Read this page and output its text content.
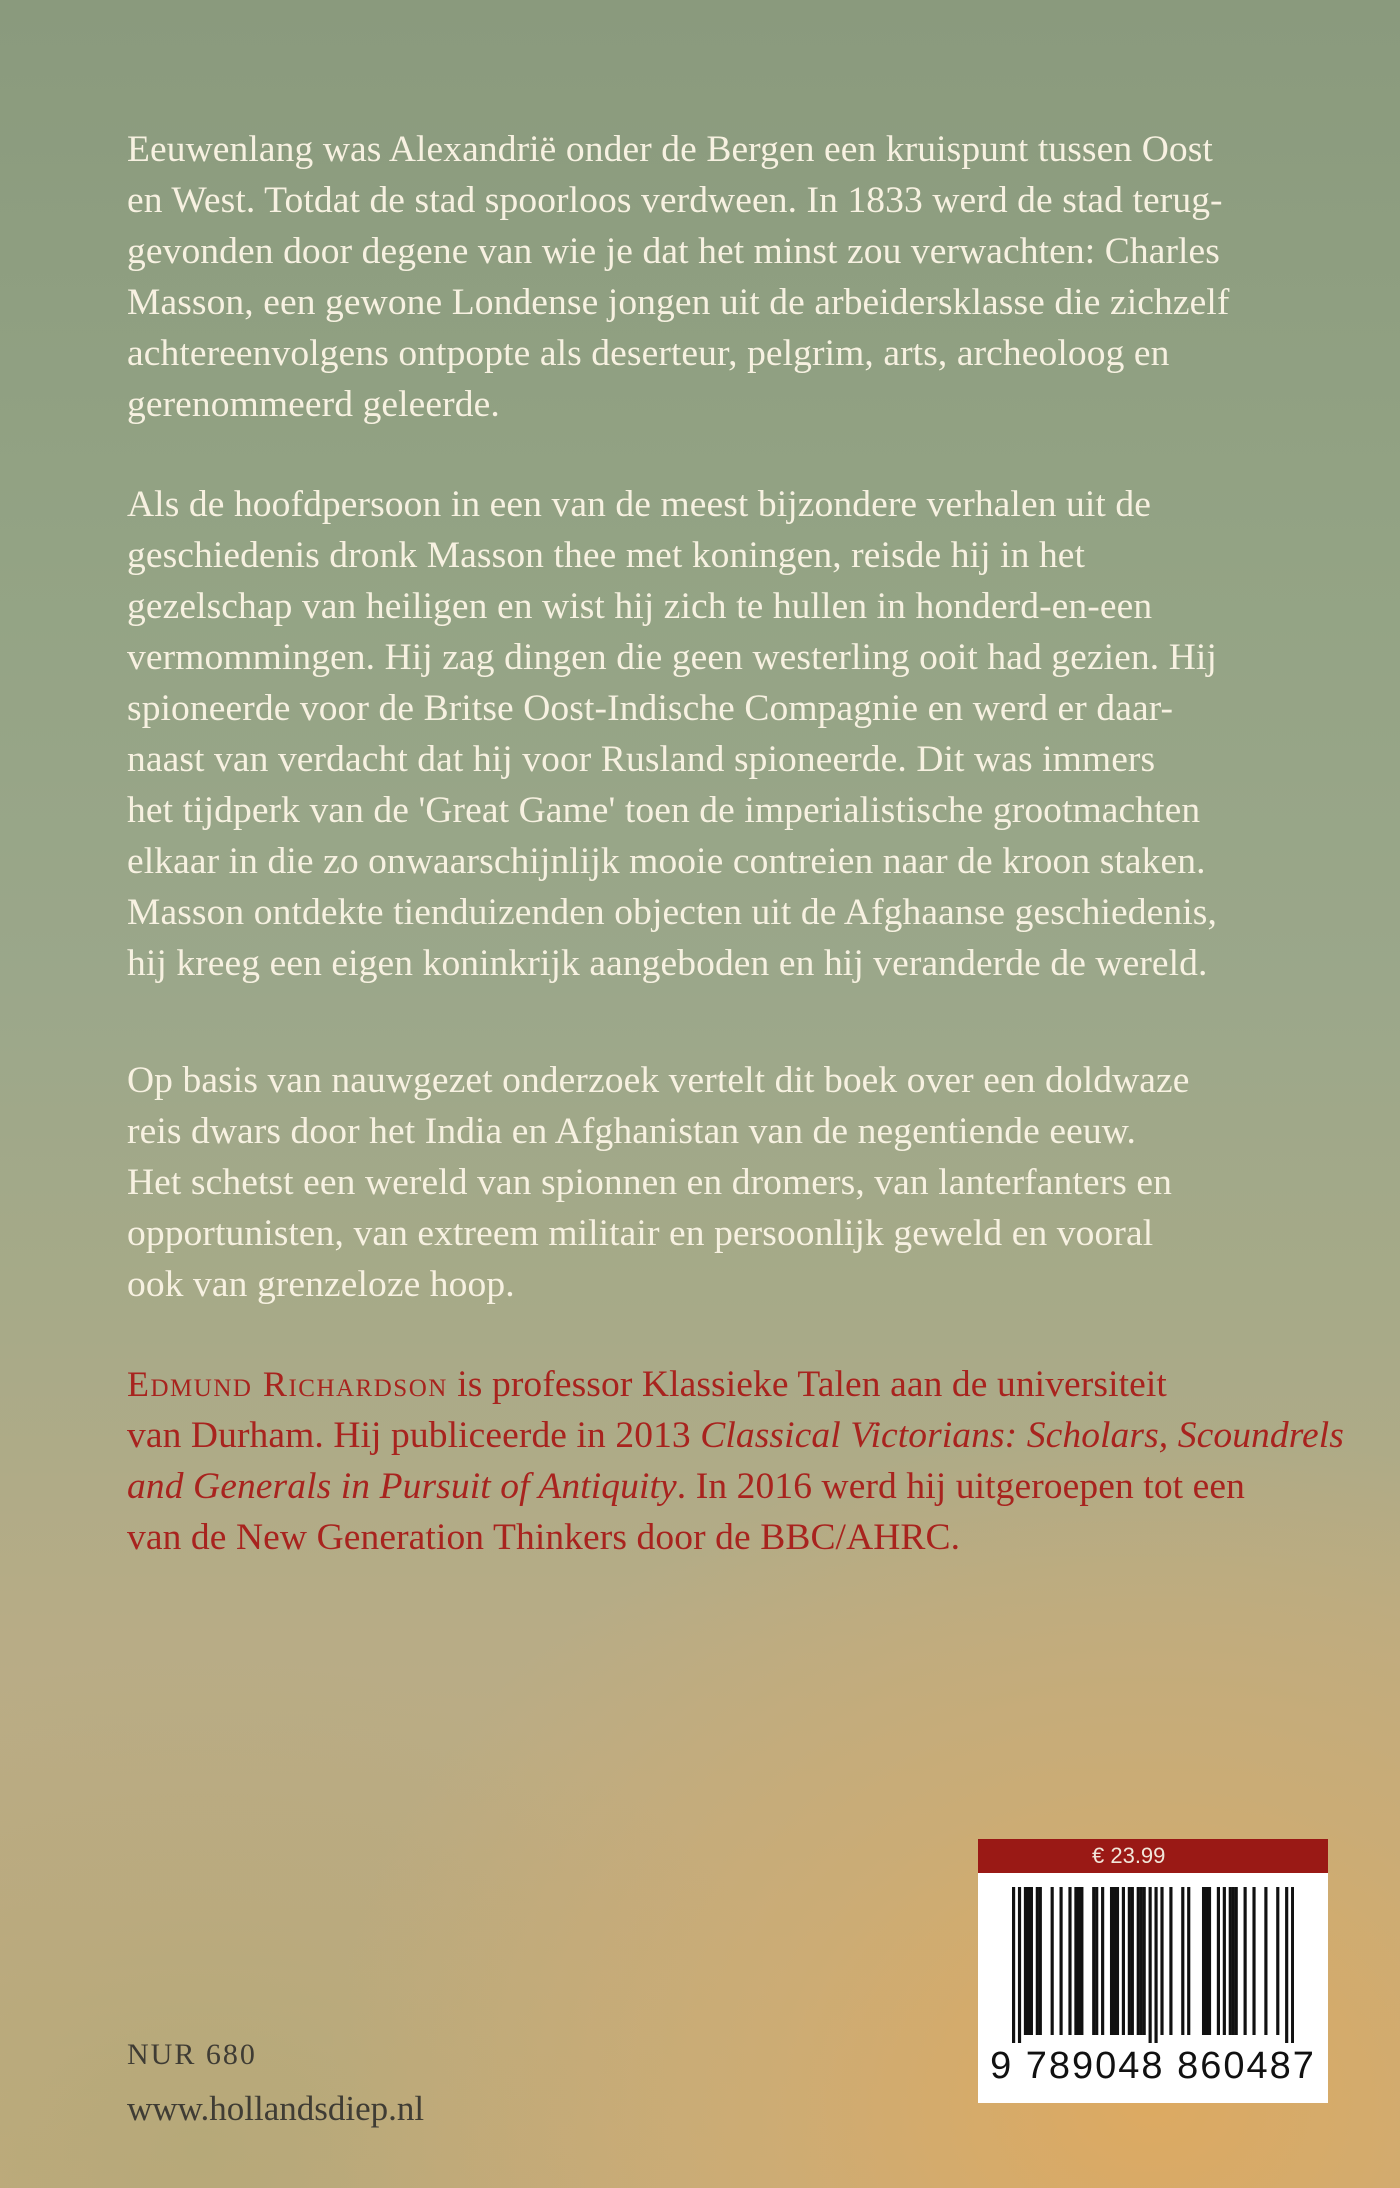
Eeuwenlang was Alexandrië onder de Bergen een kruispunt tussen Oost
en West. Totdat de stad spoorloos verdween. In 1833 werd de stad terug-
gevonden door degene van wie je dat het minst zou verwachten: Charles
Masson, een gewone Londense jongen uit de arbeidersklasse die zichzelf
achtereenvolgens ontpopte als deserteur, pelgrim, arts, archeoloog en
gerenommeerd geleerde.
Als de hoofdpersoon in een van de meest bijzondere verhalen uit de
geschiedenis dronk Masson thee met koningen, reisde hij in het
gezelschap van heiligen en wist hij zich te hullen in honderd-en-een
vermommingen. Hij zag dingen die geen westerling ooit had gezien. Hij
spioneerde voor de Britse Oost-Indische Compagnie en werd er daar-
naast van verdacht dat hij voor Rusland spioneerde. Dit was immers
het tijdperk van de 'Great Game' toen de imperialistische grootmachten
elkaar in die zo onwaarschijnlijk mooie contreien naar de kroon staken.
Masson ontdekte tienduizenden objecten uit de Afghaanse geschiedenis,
hij kreeg een eigen koninkrijk aangeboden en hij veranderde de wereld.
Op basis van nauwgezet onderzoek vertelt dit boek over een doldwaze
reis dwars door het India en Afghanistan van de negentiende eeuw.
Het schetst een wereld van spionnen en dromers, van lanterfanters en
opportunisten, van extreem militair en persoonlijk geweld en vooral
ook van grenzeloze hoop.
Edmund Richardson is professor Klassieke Talen aan de universiteit
van Durham. Hij publiceerde in 2013 Classical Victorians: Scholars, Scoundrels
and Generals in Pursuit of Antiquity. In 2016 werd hij uitgeroepen tot een
van de New Generation Thinkers door de BBC/AHRC.
€ 23.99
9 789048 860487
NUR 680
www.hollandsdiep.nl
